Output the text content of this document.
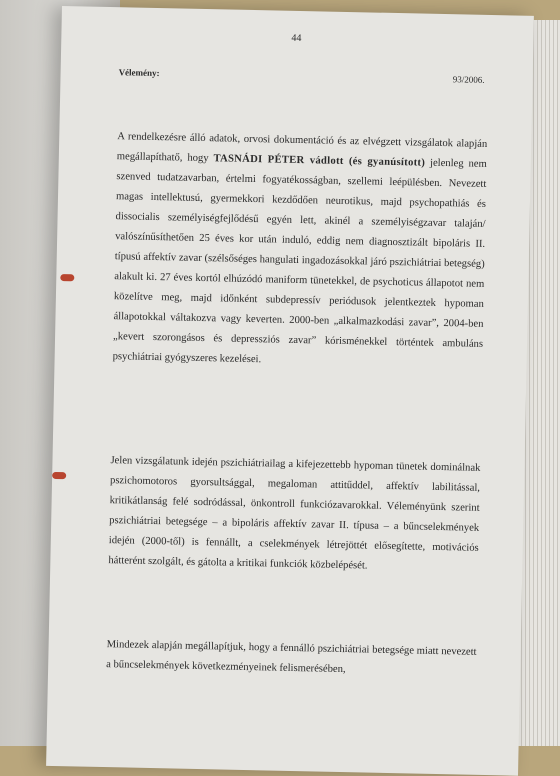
44
Vélemény:
93/2006.
A rendelkezésre álló adatok, orvosi dokumentáció és az elvégzett vizsgálatok alapján megállapíthatő, hogy TASNÁDI PÉTER vádlott (és gyanúsított) jelenleg nem szenved tudatzavarban, értelmi fogyatékosságban, szellemi leépülésben. Nevezett magas intellektusú, gyermekkori kezdődően neurotikus, majd psychopathiás és dissocialis személyiségfejlődésű egyén lett, akinél a személyiségzavar talaján/ valószínűsíthetően 25 éves kor után induló, eddig nem diagnosztizált bipoláris II. típusú affektív zavar (szélsőséges hangulati ingadozásokkal járó pszichiátriai betegség) alakult ki. 27 éves kortól elhúzódó maniform tünetekkel, de psychoticus állapotot nem közelítve meg, majd időnként subdepressív periódusok jelentkeztek hypoman állapotokkal váltakozva vagy keverten. 2000-ben „alkalmazkodási zavar”, 2004-ben „kevert szorongásos és depressziós zavar” kórisménekkel történtek ambuláns psychiátriai gyógyszeres kezelései.
Jelen vizsgálatunk idején pszichiátriailag a kifejezettebb hypoman tünetek dominálnak pszichomotoros gyorsultsággal, megaloman attitűddel, affektív labilitással, kritikátlanság felé sodródással, önkontroll funkciózavarokkal. Véleményünk szerint pszichiátriai betegsége – a bipoláris affektív zavar II. típusa – a bűncselekmények idején (2000-től) is fennállt, a cselekmények létrejöttét elősegítette, motivációs hátterént szolgált, és gátolta a kritikai funkciók közbelépését.
Mindezek alapján megállapítjuk, hogy a fennálló pszichiátriai betegsége miatt nevezett a bűncselekmények következményeinek felismerésében,
